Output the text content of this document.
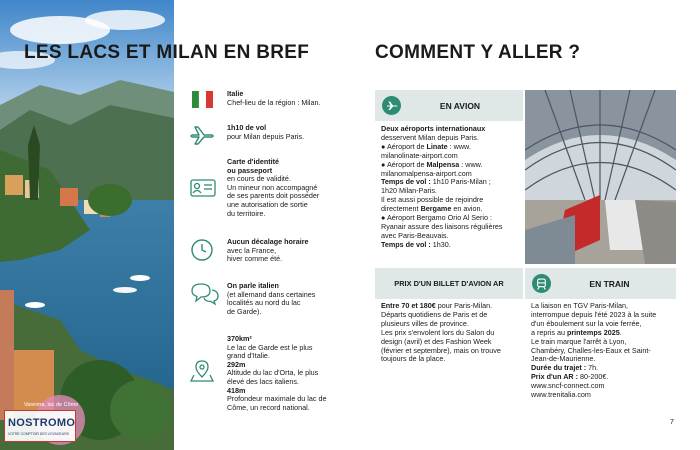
Varenna, lac de Côme
NOSTROMO
VOTRE COMPTOIR DES VOYAGEURS
LES LACS ET MILAN EN BREF	COMMENT Y ALLER ?
Italie
Chef-lieu de la région : Milan.
1h10 de vol
pour Milan depuis Paris.
Carte d'identité
ou passeport
en cours de validité.
Un mineur non accompagné
de ses parents doit posséder
une autorisation de sortie
du territoire.
Aucun décalage horaire
avec la France,
hiver comme été.
On parle italien
(et allemand dans certaines
localités au nord du lac
de Garde).
370km²
Le lac de Garde est le plus
grand d'Italie.
292m
Altitude du lac d'Orta, le plus
élevé des lacs italiens.
418m
Profondeur maximale du lac de
Côme, un record national.
EN AVION
Deux aéroports internationaux
desservent Milan depuis Paris.
● Aéroport de Linate : www.
milanolinate-airport.com
● Aéroport de Malpensa : www.
milanomalpensa-airport.com
Temps de vol : 1h10 Paris-Milan ;
1h20 Milan-Paris.
Il est aussi possible de rejoindre
directement Bergame en avion.
● Aéroport Bergamo Orio Al Serio :
Ryanair assure des liaisons régulières
avec Paris-Beauvais.
Temps de vol : 1h30.
PRIX D'UN BILLET D'AVION AR
Entre 70 et 180€ pour Paris-Milan.
Départs quotidiens de Paris et de
plusieurs villes de province.
Les prix s'envolent lors du Salon du
design (avril) et des Fashion Week
(février et septembre), mais on trouve
toujours de la place.
EN TRAIN
La liaison en TGV Paris-Milan,
interrompue depuis l'été 2023 à la suite
d'un éboulement sur la voie ferrée,
a repris au printemps 2025.
Le train marque l'arrêt à Lyon,
Chambéry, Challes-les-Eaux et Saint-
Jean-de-Maurienne.
Durée du trajet : 7h.
Prix d'un AR : 80-200€.
www.sncf-connect.com
www.trenitalia.com
7
